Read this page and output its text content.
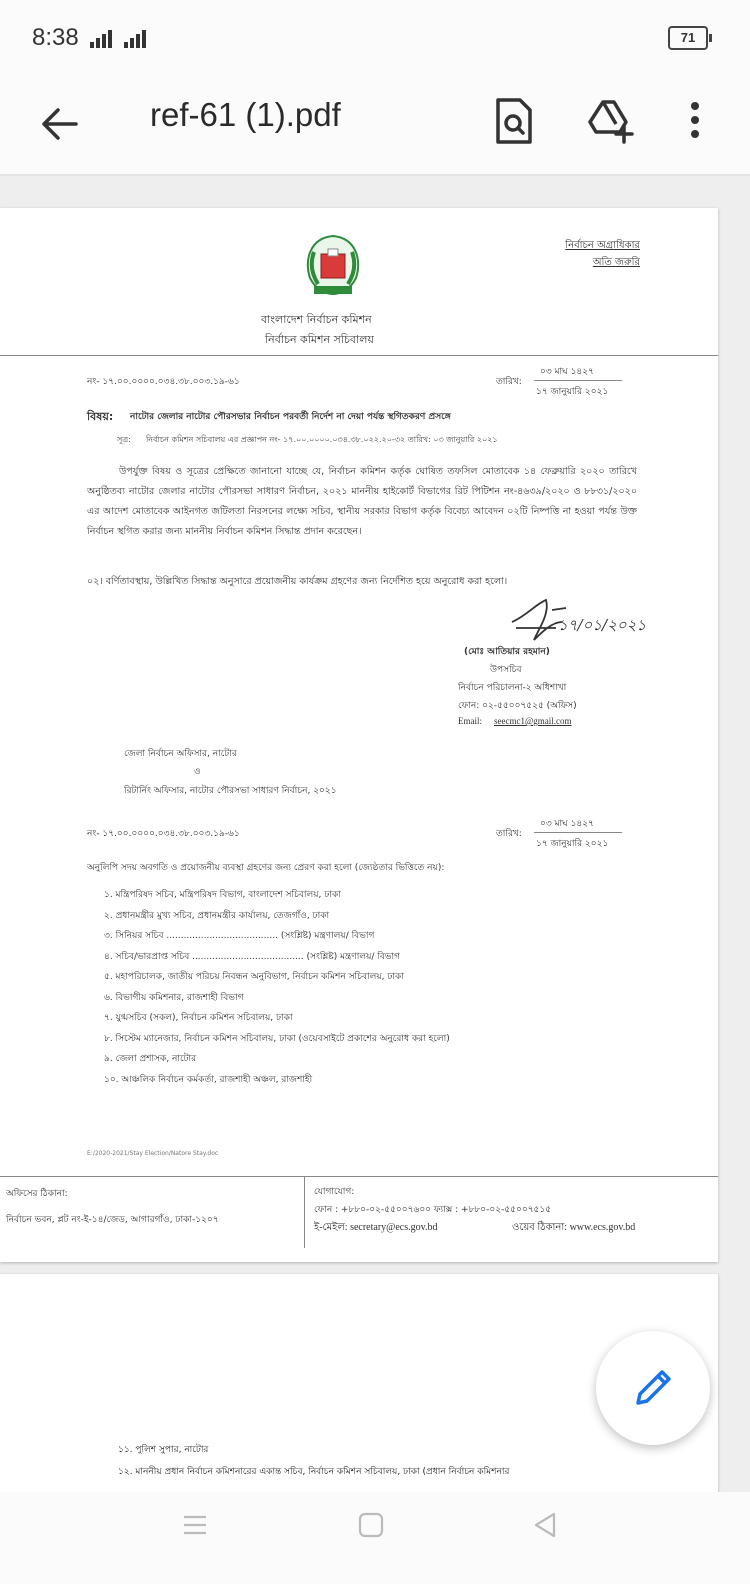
8:38	71
ref-61 (1).pdf
নির্বাচন অগ্রাধিকার
অতি জরুরি
বাংলাদেশ নির্বাচন কমিশন
নির্বাচন কমিশন সচিবালয়
নং- ১৭.০০.০০০০.০৩৪.৩৮.০০৩.১৯-৬১	তারিখ:
০৩ মাঘ ১৪২৭
১৭ জানুয়ারি ২০২১
বিষয়: নাটোর জেলার নাটোর পৌরসভার নির্বাচন পরবর্তী নির্দেশ না দেয়া পর্যন্ত স্থগিতকরণ প্রসঙ্গে
সূত্র: নির্বাচন কমিশন সচিবালয় এর প্রজ্ঞাপন নং- ১৭.০০.০০০০.০৩৪.৩৮.০২২.২০-৩২ তারিখ: ০৩ জানুয়ারি ২০২১
উপর্যুক্ত বিষয় ও সূত্রের প্রেক্ষিতে জানানো যাচ্ছে যে, নির্বাচন কমিশন কর্তৃক ঘোষিত তফসিল মোতাবেক ১৪ ফেব্রুয়ারি ২০২০ তারিখে অনুষ্ঠিতব্য নাটোর জেলার নাটোর পৌরসভা সাধারণ নির্বাচন, ২০২১ মাননীয় হাইকোর্ট বিভাগের রিট পিটিশন নং-৪৬৩৯/২০২০ ও ৮৮৩১/২০২০ এর আদেশ মোতাবেক আইনগত জটিলতা নিরসনের লক্ষ্যে সচিব, স্থানীয় সরকার বিভাগ কর্তৃক বিবেচ্য আবেদন ০২টি নিষ্পত্তি না হওয়া পর্যন্ত উক্ত নির্বাচন স্থগিত করার জন্য মাননীয় নির্বাচন কমিশন সিদ্ধান্ত প্রদান করেছেন।
০২। বর্ণিতাবস্থায়, উল্লিখিত সিদ্ধান্ত অনুসারে প্রয়োজনীয় কার্যক্রম গ্রহণের জন্য নির্দেশিত হয়ে অনুরোধ করা হলো।
১৭/০১/২০২১
(মোঃ আতিয়ার রহমান)
উপসচিব
নির্বাচন পরিচালনা-২ অধিশাখা
ফোন: ০২-৫৫০০৭৫২৫ (অফিস)
Email: seecmc1@gmail.com
জেলা নির্বাচন অফিসার, নাটোর
ও
রিটার্নিং অফিসার, নাটোর পৌরসভা সাধারণ নির্বাচন, ২০২১
নং- ১৭.০০.০০০০.০৩৪.৩৮.০০৩.১৯-৬১	তারিখ:
০৩ মাঘ ১৪২৭
১৭ জানুয়ারি ২০২১
অনুলিপি সদয় অবগতি ও প্রয়োজনীয় ব্যবস্থা গ্রহণের জন্য প্রেরণ করা হলো (জ্যেষ্ঠতার ভিত্তিতে নয়):
১. মন্ত্রিপরিষদ সচিব, মন্ত্রিপরিষদ বিভাগ, বাংলাদেশ সচিবালয়, ঢাকা
২. প্রধানমন্ত্রীর মুখ্য সচিব, প্রধানমন্ত্রীর কার্যালয়, তেজগাঁও, ঢাকা
৩. সিনিয়র সচিব ....................................... (সংশ্লিষ্ট) মন্ত্রণালয়/ বিভাগ
৪. সচিব/ভারপ্রাপ্ত সচিব ....................................... (সংশ্লিষ্ট) মন্ত্রণালয়/ বিভাগ
৫. মহাপরিচালক, জাতীয় পরিচয় নিবন্ধন অনুবিভাগ, নির্বাচন কমিশন সচিবালয়, ঢাকা
৬. বিভাগীয় কমিশনার, রাজশাহী বিভাগ
৭. যুগ্মসচিব (সকল), নির্বাচন কমিশন সচিবালয়, ঢাকা
৮. সিস্টেম ম্যানেজার, নির্বাচন কমিশন সচিবালয়, ঢাকা (ওয়েবসাইটে প্রকাশের অনুরোধ করা হলো)
৯. জেলা প্রশাসক, নাটোর
১০. আঞ্চলিক নির্বাচন কর্মকর্তা, রাজশাহী অঞ্চল, রাজশাহী
E:/2020-2021/Stay Election/Natore Stay.doc
অফিসের ঠিকানা:
নির্বাচন ভবন, প্লট নং-ই-১৪/জেড, আগারগাঁও, ঢাকা-১২০৭
যোগাযোগ:
ফোন : +৮৮০-০২-৫৫০০৭৬০০ ফ্যাক্স : +৮৮০-০২-৫৫০০৭৫১৫
ই-মেইল: secretary@ecs.gov.bd	ওয়েব ঠিকানা: www.ecs.gov.bd
১১. পুলিশ সুপার, নাটোর
১২. মাননীয় প্রধান নির্বাচন কমিশনারের একান্ত সচিব, নির্বাচন কমিশন সচিবালয়, ঢাকা (প্রধান নির্বাচন কমিশনার
